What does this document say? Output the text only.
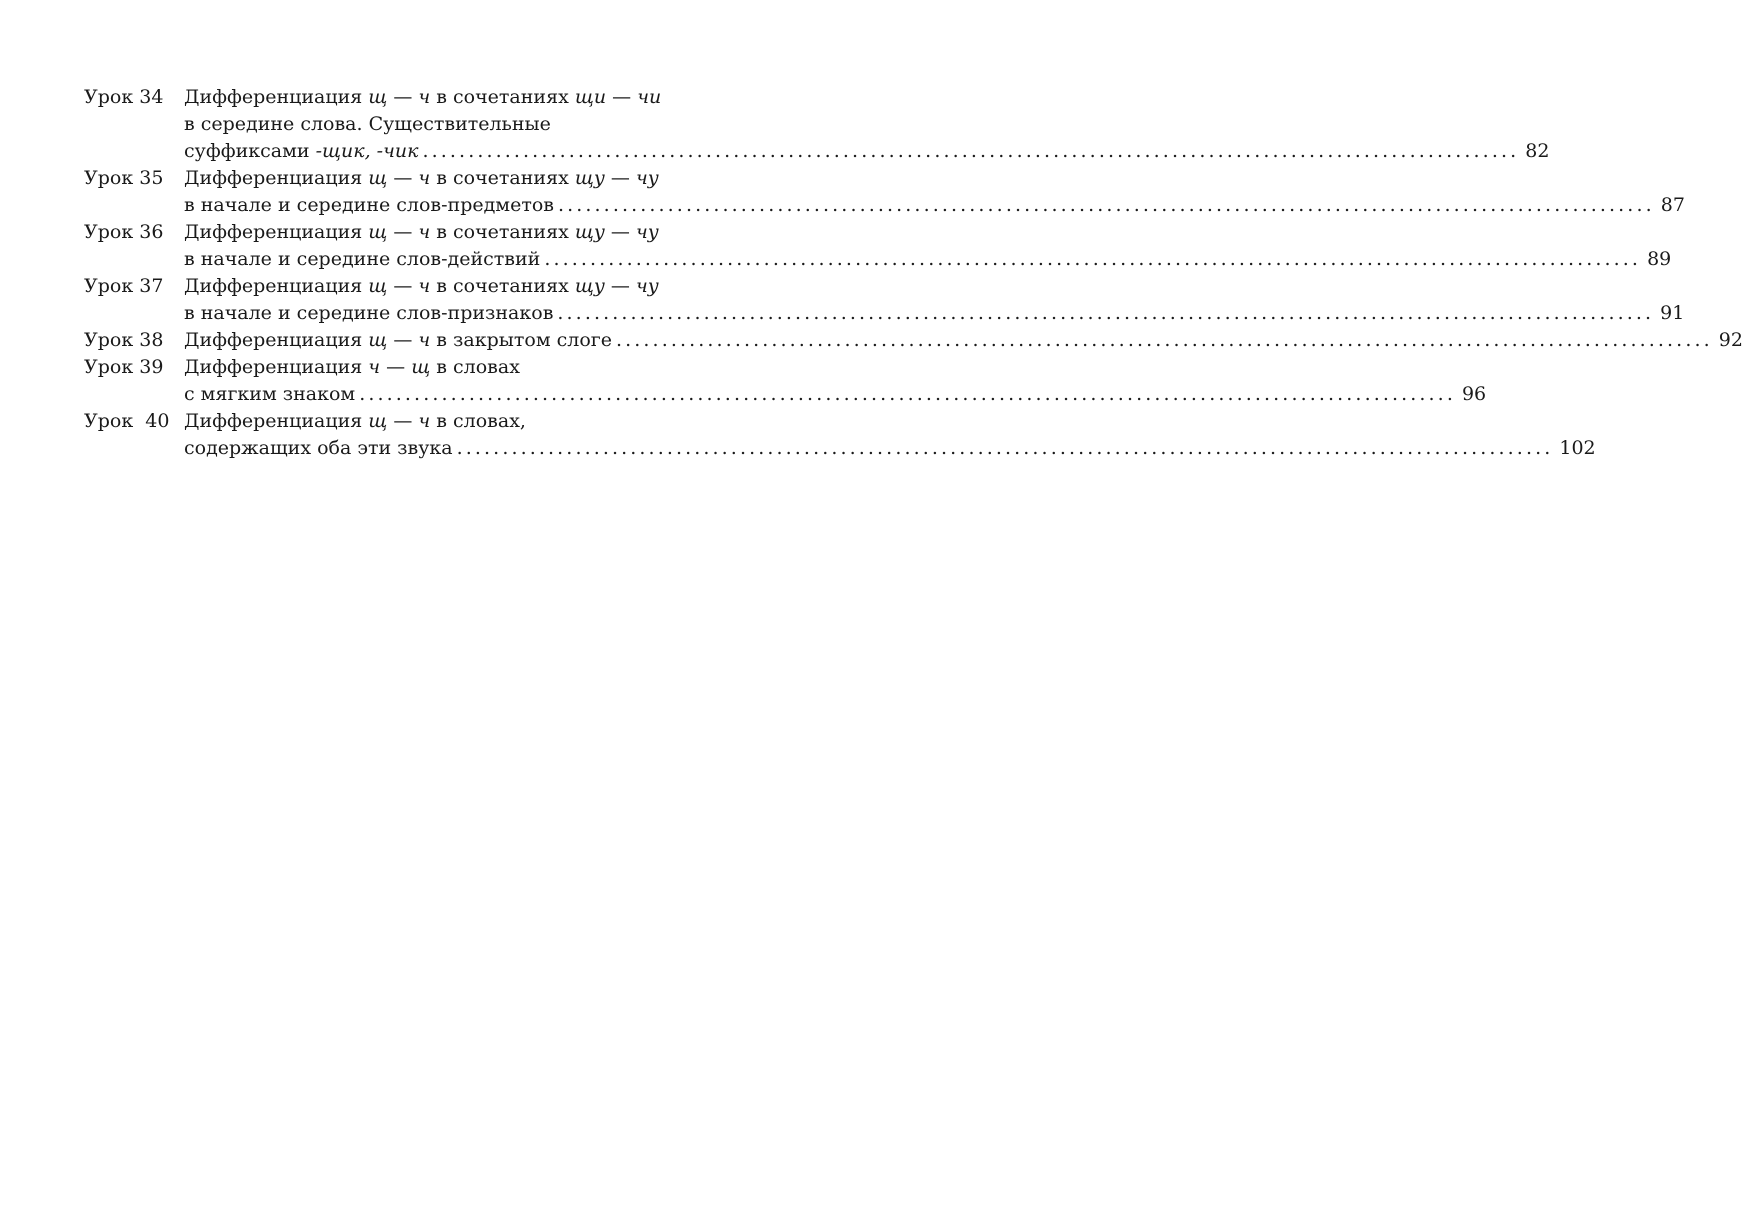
Урок 34	Дифференциация щ — ч в сочетаниях щи — чи
в середине слова. Существительные
суффиксами -щик, -чик ........................................................................................................................ 82
Урок 35	Дифференциация щ — ч в сочетаниях щу — чу
в начале и середине слов-предметов ........................................................................................................................ 87
Урок 36	Дифференциация щ — ч в сочетаниях щу — чу
в начале и середине слов-действий ........................................................................................................................ 89
Урок 37	Дифференциация щ — ч в сочетаниях щу — чу
в начале и середине слов-признаков ........................................................................................................................ 91
Урок 38	Дифференциация щ — ч в закрытом слоге ........................................................................................................................ 92
Урок 39	Дифференциация ч — щ в словах
с мягким знаком ........................................................................................................................ 96
Урок  40 Дифференциация щ — ч в словах,
содержащих оба эти звука ........................................................................................................................ 102
